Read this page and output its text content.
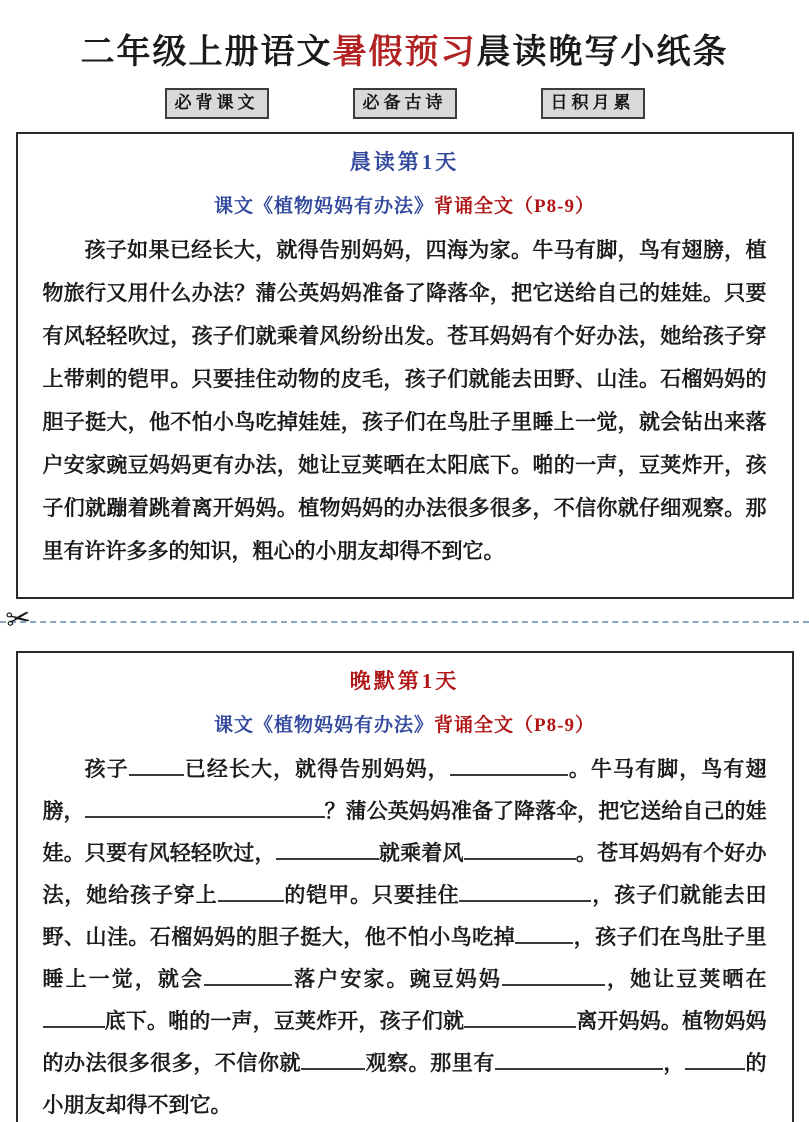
二年级上册语文暑假预习晨读晚写小纸条
必背课文	必备古诗	日积月累
晨读第1天
课文《植物妈妈有办法》背诵全文（P8-9）

孩子如果已经长大，就得告别妈妈，四海为家。牛马有脚，鸟有翅膀，植物旅行又用什么办法？蒲公英妈妈准备了降落伞，把它送给自己的娃娃。只要有风轻轻吹过，孩子们就乘着风纷纷出发。苍耳妈妈有个好办法，她给孩子穿上带刺的铠甲。只要挂住动物的皮毛，孩子们就能去田野、山洼。石榴妈妈的胆子挺大，他不怕小鸟吃掉娃娃，孩子们在鸟肚子里睡上一觉，就会钻出来落户安家豌豆妈妈更有办法，她让豆荚晒在太阳底下。啪的一声，豆荚炸开，孩子们就蹦着跳着离开妈妈。植物妈妈的办法很多很多，不信你就仔细观察。那里有许许多多的知识，粗心的小朋友却得不到它。

✂
晚默第1天
课文《植物妈妈有办法》背诵全文（P8-9）

孩子	已经长大，就得告别妈妈，	。牛马有脚，鸟有翅膀，	？蒲公英妈妈准备了降落伞，把它送给自己的娃娃。只要有风轻轻吹过，	就乘着风	。苍耳妈妈有个好办法，她给孩子穿上	的铠甲。只要挂住	，孩子们就能去田野、山洼。石榴妈妈的胆子挺大，他不怕小鸟吃掉	，孩子们在鸟肚子里睡上一觉，就会	落户安家。豌豆妈妈	，她让豆荚晒在底下。啪的一声，豆荚炸开，孩子们就	离开妈妈。植物妈妈的办法很多很多，不信你就	观察。那里有	，	的小朋友却得不到它。
